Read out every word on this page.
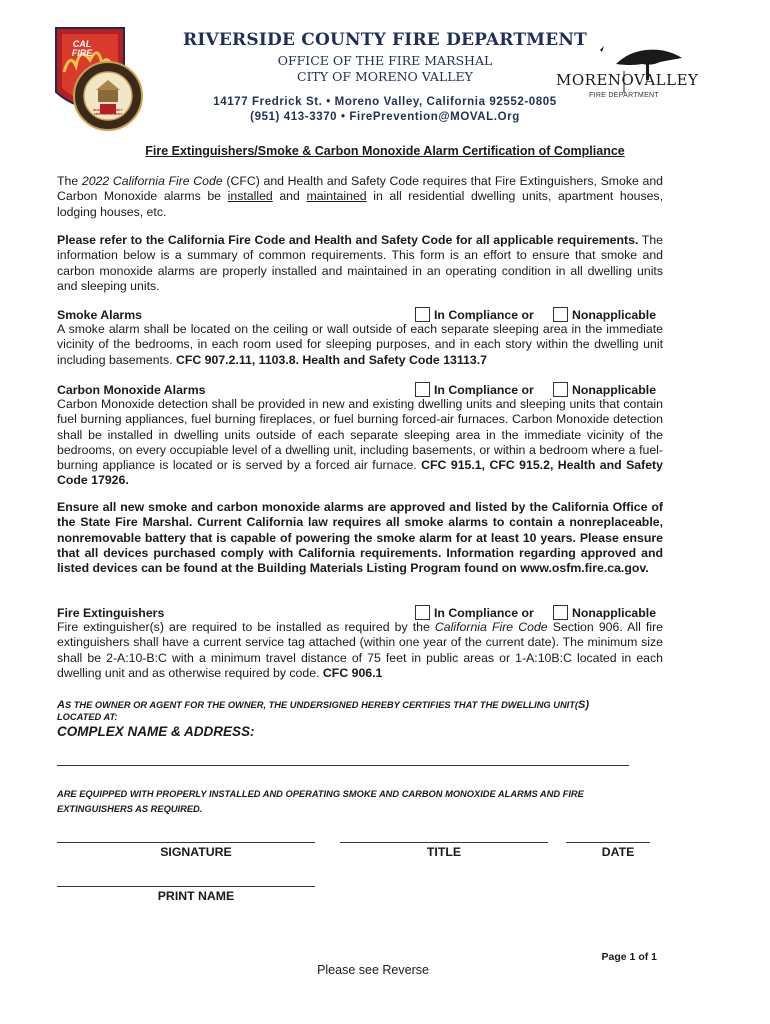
CAL FIRE
RIVERSIDE COUNTY FIRE DEPARTMENT
MORENO VALLEY
FIRE DEPARTMENT
RIVERSIDE COUNTY FIRE DEPARTMENT
OFFICE OF THE FIRE MARSHAL
CITY OF MORENO VALLEY
14177 Fredrick St. • Moreno Valley, California 92552-0805
(951) 413-3370 • FirePrevention@MOVAL.Org
Fire Extinguishers/Smoke & Carbon Monoxide Alarm Certification of Compliance
The 2022 California Fire Code (CFC) and Health and Safety Code requires that Fire Extinguishers, Smoke and Carbon Monoxide alarms be installed and maintained in all residential dwelling units, apartment houses, lodging houses, etc.
Please refer to the California Fire Code and Health and Safety Code for all applicable requirements. The information below is a summary of common requirements. This form is an effort to ensure that smoke and carbon monoxide alarms are properly installed and maintained in an operating condition in all dwelling units and sleeping units.
Smoke Alarms	In Compliance or	Nonapplicable
A smoke alarm shall be located on the ceiling or wall outside of each separate sleeping area in the immediate vicinity of the bedrooms, in each room used for sleeping purposes, and in each story within the dwelling unit including basements. CFC 907.2.11, 1103.8. Health and Safety Code 13113.7
Carbon Monoxide Alarms	In Compliance or	Nonapplicable
Carbon Monoxide detection shall be provided in new and existing dwelling units and sleeping units that contain fuel burning appliances, fuel burning fireplaces, or fuel burning forced-air furnaces. Carbon Monoxide detection shall be installed in dwelling units outside of each separate sleeping area in the immediate vicinity of the bedrooms, on every occupiable level of a dwelling unit, including basements, or within a bedroom where a fuel-burning appliance is located or is served by a forced air furnace. CFC 915.1, CFC 915.2, Health and Safety Code 17926.
Ensure all new smoke and carbon monoxide alarms are approved and listed by the California Office of the State Fire Marshal. Current California law requires all smoke alarms to contain a nonreplaceable, nonremovable battery that is capable of powering the smoke alarm for at least 10 years. Please ensure that all devices purchased comply with California requirements. Information regarding approved and listed devices can be found at the Building Materials Listing Program found on www.osfm.fire.ca.gov.
Fire Extinguishers	In Compliance or	Nonapplicable
Fire extinguisher(s) are required to be installed as required by the California Fire Code Section 906. All fire extinguishers shall have a current service tag attached (within one year of the current date). The minimum size shall be 2-A:10-B:C with a minimum travel distance of 75 feet in public areas or 1-A:10B:C located in each dwelling unit and as otherwise required by code. CFC 906.1
AS THE OWNER OR AGENT FOR THE OWNER, THE UNDERSIGNED HEREBY CERTIFIES THAT THE DWELLING UNIT(S)
LOCATED AT:
COMPLEX NAME & ADDRESS:
ARE EQUIPPED WITH PROPERLY INSTALLED AND OPERATING SMOKE AND CARBON MONOXIDE ALARMS AND FIRE EXTINGUISHERS AS REQUIRED.
SIGNATURE	TITLE	DATE
PRINT NAME
Page 1 of 1
Please see Reverse
